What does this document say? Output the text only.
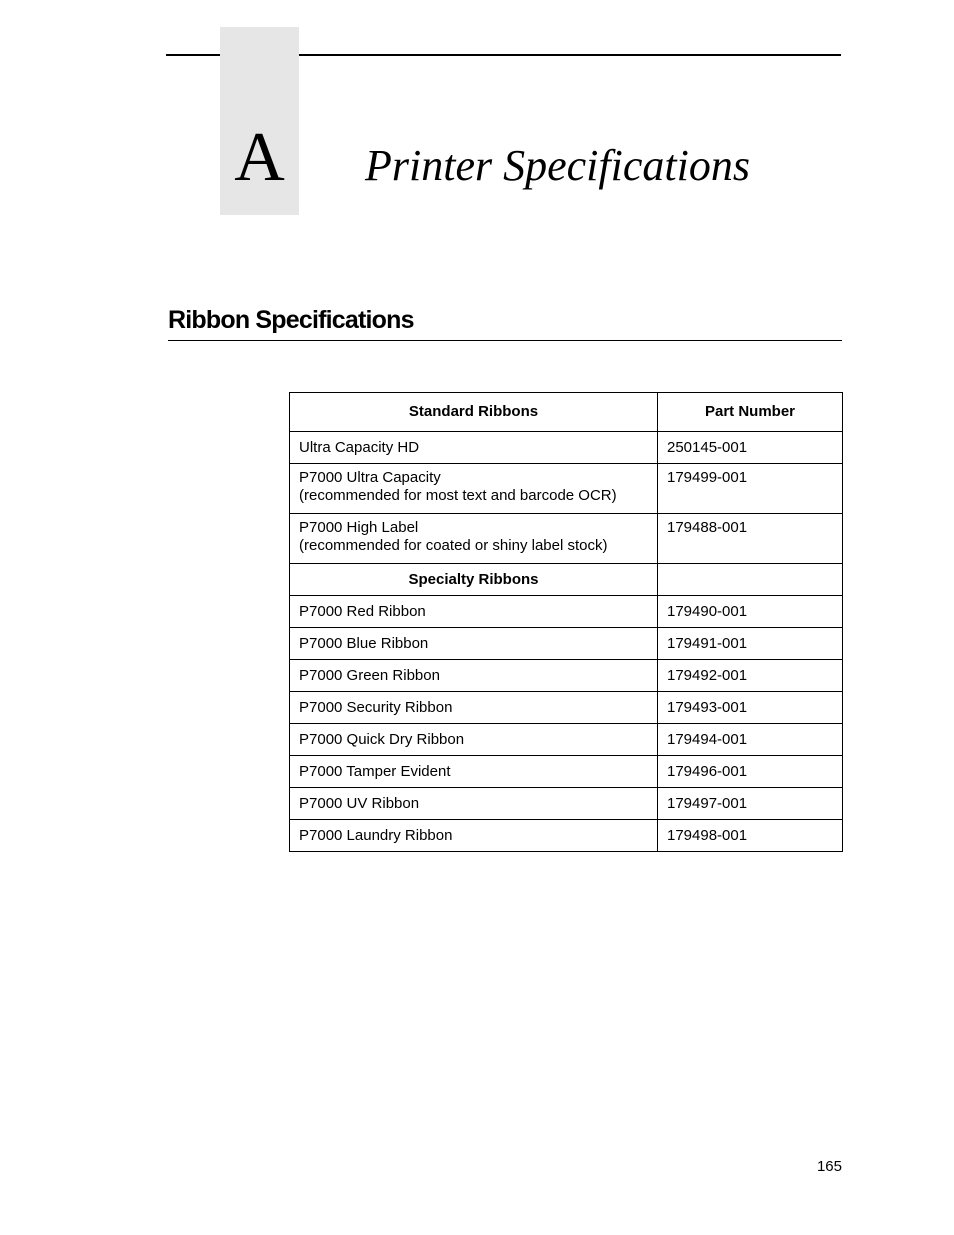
A	Printer Specifications
Ribbon Specifications
Standard Ribbons	Part Number

Ultra Capacity HD	250145-001

P7000 Ultra Capacity
(recommended for most text and barcode OCR)	179499-001

P7000 High Label
(recommended for coated or shiny label stock)	179488-001
Specialty Ribbons	
P7000 Red Ribbon	179490-001
P7000 Blue Ribbon	179491-001
P7000 Green Ribbon	179492-001
P7000 Security Ribbon	179493-001
P7000 Quick Dry Ribbon	179494-001
P7000 Tamper Evident	179496-001
P7000 UV Ribbon	179497-001
P7000 Laundry Ribbon	179498-001
165
